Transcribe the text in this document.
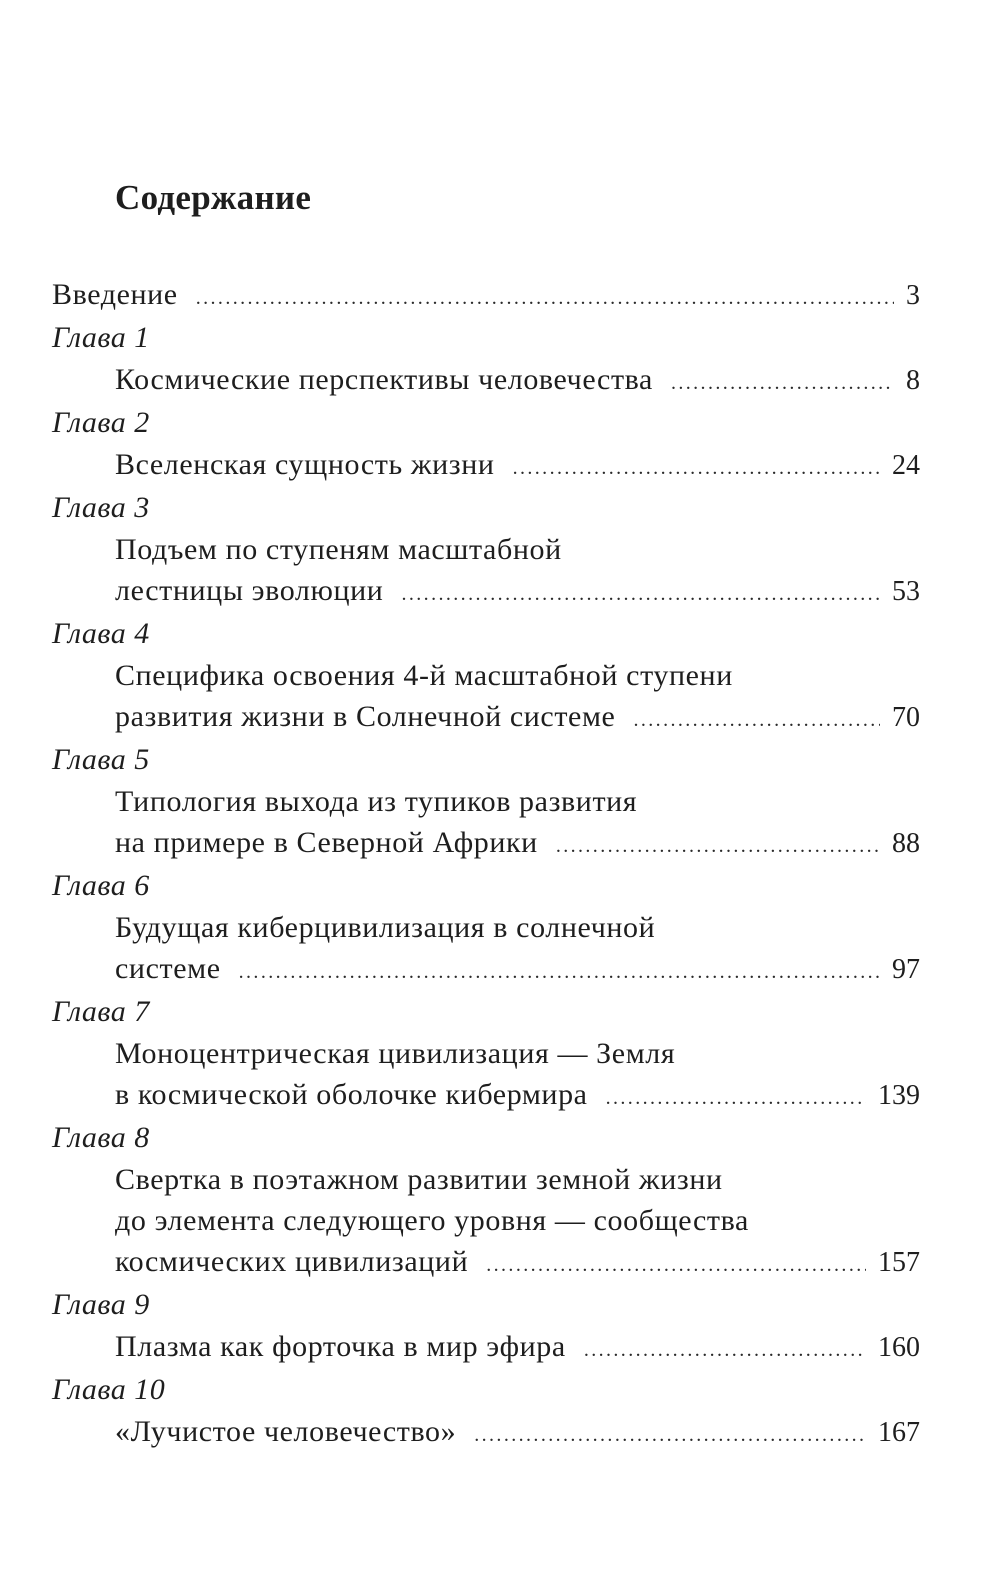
Содержание
Введение .....	3
Глава 1
Космические перспективы человечества .....	8
Глава 2
Вселенская сущность жизни .....	24
Глава 3
Подъем по ступеням масштабной
лестницы эволюции .....	53
Глава 4
Специфика освоения 4-й масштабной ступени
развития жизни в Солнечной системе .....	70
Глава 5
Типология выхода из тупиков развития
на примере в Северной Африки .....	88
Глава 6
Будущая киберцивилизация в солнечной
системе .....	97
Глава 7
Моноцентрическая цивилизация — Земля
в космической оболочке кибермира .....	139
Глава 8
Свертка в поэтажном развитии земной жизни
до элемента следующего уровня — сообщества
космических цивилизаций .....	157
Глава 9
Плазма как форточка в мир эфира .....	160
Глава 10
«Лучистое человечество» .....	167
